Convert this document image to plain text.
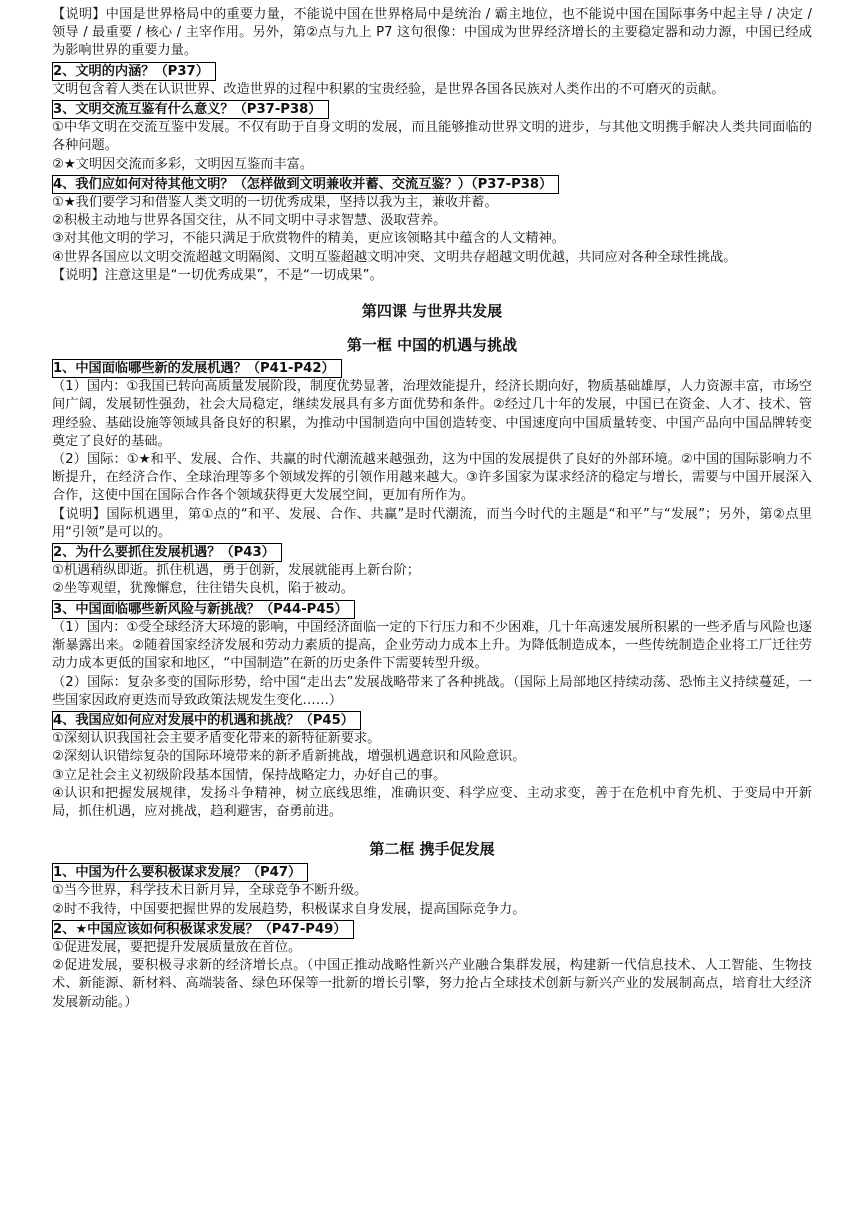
【说明】中国是世界格局中的重要力量，不能说中国在世界格局中是统治 / 霸主地位，也不能说中国在国际事务中起主导 / 决定 / 领导 / 最重要 / 核心 / 主宰作用。另外，第②点与九上 P7 这句很像：中国成为世界经济增长的主要稳定器和动力源，中国已经成为影响世界的重要力量。
2、文明的内涵？（P37）
文明包含着人类在认识世界、改造世界的过程中积累的宝贵经验，是世界各国各民族对人类作出的不可磨灭的贡献。
3、文明交流互鉴有什么意义？（P37-P38）
①中华文明在交流互鉴中发展。不仅有助于自身文明的发展，而且能够推动世界文明的进步，与其他文明携手解决人类共同面临的各种问题。
②★文明因交流而多彩，文明因互鉴而丰富。
4、我们应如何对待其他文明？（怎样做到文明兼收并蓄、交流互鉴？）（P37-P38）
①★我们要学习和借鉴人类文明的一切优秀成果，坚持以我为主，兼收并蓄。
②积极主动地与世界各国交往，从不同文明中寻求智慧、汲取营养。
③对其他文明的学习，不能只满足于欣赏物件的精美，更应该领略其中蕴含的人文精神。
④世界各国应以文明交流超越文明隔阂、文明互鉴超越文明冲突、文明共存超越文明优越，共同应对各种全球性挑战。
【说明】注意这里是“一切优秀成果”，不是“一切成果”。
第四课 与世界共发展
第一框 中国的机遇与挑战
1、中国面临哪些新的发展机遇？（P41-P42）
（1）国内：①我国已转向高质量发展阶段，制度优势显著，治理效能提升，经济长期向好，物质基础雄厚，人力资源丰富，市场空间广阔，发展韧性强劲，社会大局稳定，继续发展具有多方面优势和条件。②经过几十年的发展，中国已在资金、人才、技术、管理经验、基础设施等领域具备良好的积累，为推动中国制造向中国创造转变、中国速度向中国质量转变、中国产品向中国品牌转变奠定了良好的基础。
（2）国际：①★和平、发展、合作、共赢的时代潮流越来越强劲，这为中国的发展提供了良好的外部环境。②中国的国际影响力不断提升，在经济合作、全球治理等多个领域发挥的引领作用越来越大。③许多国家为谋求经济的稳定与增长，需要与中国开展深入合作，这使中国在国际合作各个领域获得更大发展空间，更加有所作为。
【说明】国际机遇里，第①点的“和平、发展、合作、共赢”是时代潮流，而当今时代的主题是“和平”与“发展”；另外，第②点里用“引领”是可以的。
2、为什么要抓住发展机遇？（P43）
①机遇稍纵即逝。抓住机遇，勇于创新，发展就能再上新台阶；
②坐等观望，犹豫懈怠，往往错失良机，陷于被动。
3、中国面临哪些新风险与新挑战？（P44-P45）
（1）国内：①受全球经济大环境的影响，中国经济面临一定的下行压力和不少困难，几十年高速发展所积累的一些矛盾与风险也逐渐暴露出来。②随着国家经济发展和劳动力素质的提高，企业劳动力成本上升。为降低制造成本，一些传统制造企业将工厂迁往劳动力成本更低的国家和地区，“中国制造”在新的历史条件下需要转型升级。
（2）国际：复杂多变的国际形势，给中国“走出去”发展战略带来了各种挑战。（国际上局部地区持续动荡、恐怖主义持续蔓延，一些国家因政府更迭而导致政策法规发生变化……）
4、我国应如何应对发展中的机遇和挑战？（P45）
①深刻认识我国社会主要矛盾变化带来的新特征新要求。
②深刻认识错综复杂的国际环境带来的新矛盾新挑战，增强机遇意识和风险意识。
③立足社会主义初级阶段基本国情，保持战略定力，办好自己的事。
④认识和把握发展规律，发扬斗争精神，树立底线思维，准确识变、科学应变、主动求变，善于在危机中育先机、于变局中开新局，抓住机遇，应对挑战，趋利避害，奋勇前进。
第二框 携手促发展
1、中国为什么要积极谋求发展？（P47）
①当今世界，科学技术日新月异，全球竞争不断升级。
②时不我待，中国要把握世界的发展趋势，积极谋求自身发展，提高国际竞争力。
2、★中国应该如何积极谋求发展？（P47-P49）
①促进发展，要把提升发展质量放在首位。
②促进发展，要积极寻求新的经济增长点。（中国正推动战略性新兴产业融合集群发展，构建新一代信息技术、人工智能、生物技术、新能源、新材料、高端装备、绿色环保等一批新的增长引擎，努力抢占全球技术创新与新兴产业的发展制高点，培育壮大经济发展新动能。）
